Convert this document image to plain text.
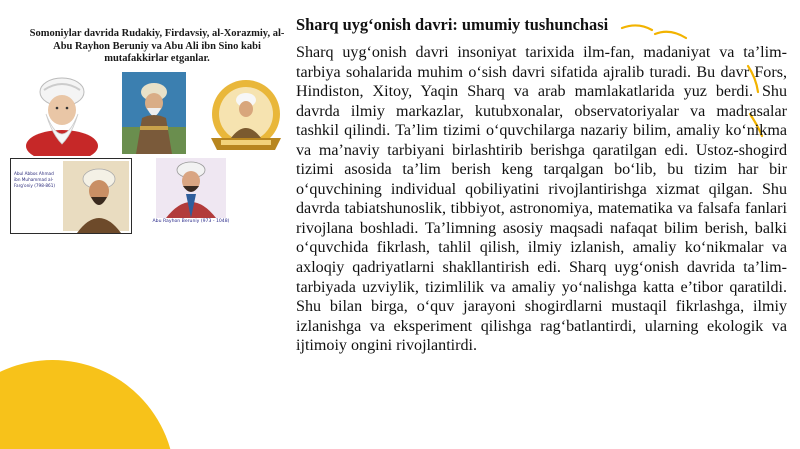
Somoniylar davrida Rudakiy, Firdavsiy, al-Xorazmiy, al-Abu Rayhon Beruniy va Abu Ali ibn Sino kabi mutafakkirlar etganlar.
Abul Abbos Ahmad ibn Muhammad al-Farg'oniy (798-861)
Abu Rayhon Beruniy (973 - 1048)
Sharq uyg‘onish davri: umumiy tushunchasi

Sharq uyg‘onish davri insoniyat tarixida ilm-fan, madaniyat va ta’lim-tarbiya sohalarida muhim o‘sish davri sifatida ajralib turadi. Bu davr Fors, Hindiston, Xitoy, Yaqin Sharq va arab mamlakatlarida yuz berdi. Shu davrda ilmiy markazlar, kutubxonalar, observatoriyalar va madrasalar tashkil qilindi. Ta’lim tizimi o‘quvchilarga nazariy bilim, amaliy ko‘nikma va ma’naviy tarbiyani birlashtirib berishga qaratilgan edi. Ustoz-shogird tizimi asosida ta’lim berish keng tarqalgan bo‘lib, bu tizim har bir o‘quvchining individual qobiliyatini rivojlantirishga xizmat qilgan. Shu davrda tabiatshunoslik, tibbiyot, astronomiya, matematika va falsafa fanlari rivojlana boshladi. Ta’limning asosiy maqsadi nafaqat bilim berish, balki o‘quvchida fikrlash, tahlil qilish, ilmiy izlanish, amaliy ko‘nikmalar va axloqiy qadriyatlarni shakllantirish edi. Sharq uyg‘onish davrida ta’lim-tarbiyada uzviylik, tizimlilik va amaliy yo‘nalishga katta e’tibor qaratildi. Shu bilan birga, o‘quv jarayoni shogirdlarni mustaqil fikrlashga, ilmiy izlanishga va eksperiment qilishga rag‘batlantirdi, ularning ekologik va ijtimoiy ongini rivojlantirdi.
